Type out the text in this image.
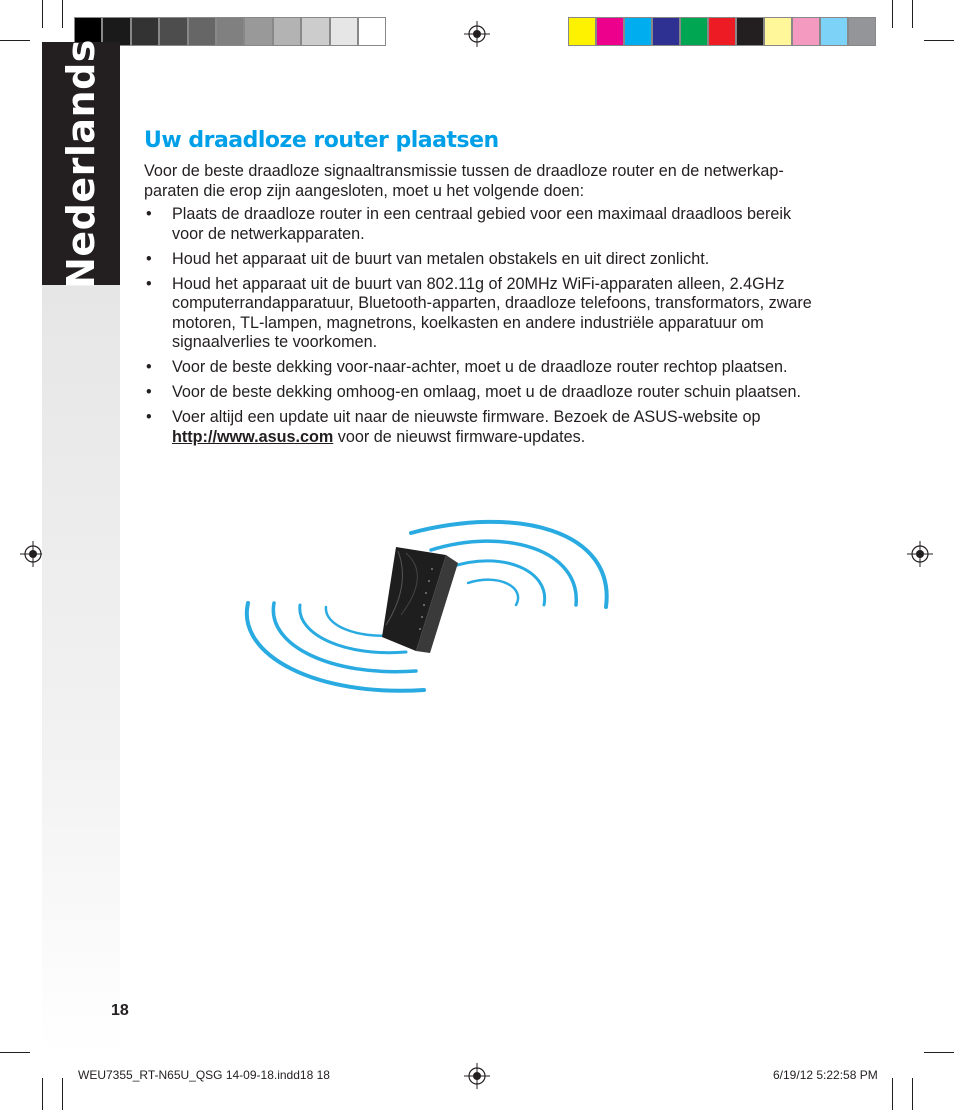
Nederlands Uw draadloze router plaatsen

Voor de beste draadloze signaaltransmissie tussen de draadloze router en de netwerkap-paraten die erop zijn aangesloten, moet u het volgende doen:

• Plaats de draadloze router in een centraal gebied voor een maximaal draadloos bereik voor de netwerkapparaten.
• Houd het apparaat uit de buurt van metalen obstakels en uit direct zonlicht.
• Houd het apparaat uit de buurt van 802.11g of 20MHz WiFi-apparaten alleen, 2.4GHz computerrandapparatuur, Bluetooth-apparten, draadloze telefoons, transformators, zware motoren, TL-lampen, magnetrons, koelkasten en andere industriële apparatuur om signaalverlies te voorkomen.
• Voor de beste dekking voor-naar-achter, moet u de draadloze router rechtop plaatsen.
• Voor de beste dekking omhoog-en omlaag, moet u de draadloze router schuin plaatsen.
• Voer altijd een update uit naar de nieuwste firmware. Bezoek de ASUS-website op http://www.asus.com voor de nieuwst firmware-updates.
18
WEU7355_RT-N65U_QSG 14-09-18.indd18 18	6/19/12 5:22:58 PM
